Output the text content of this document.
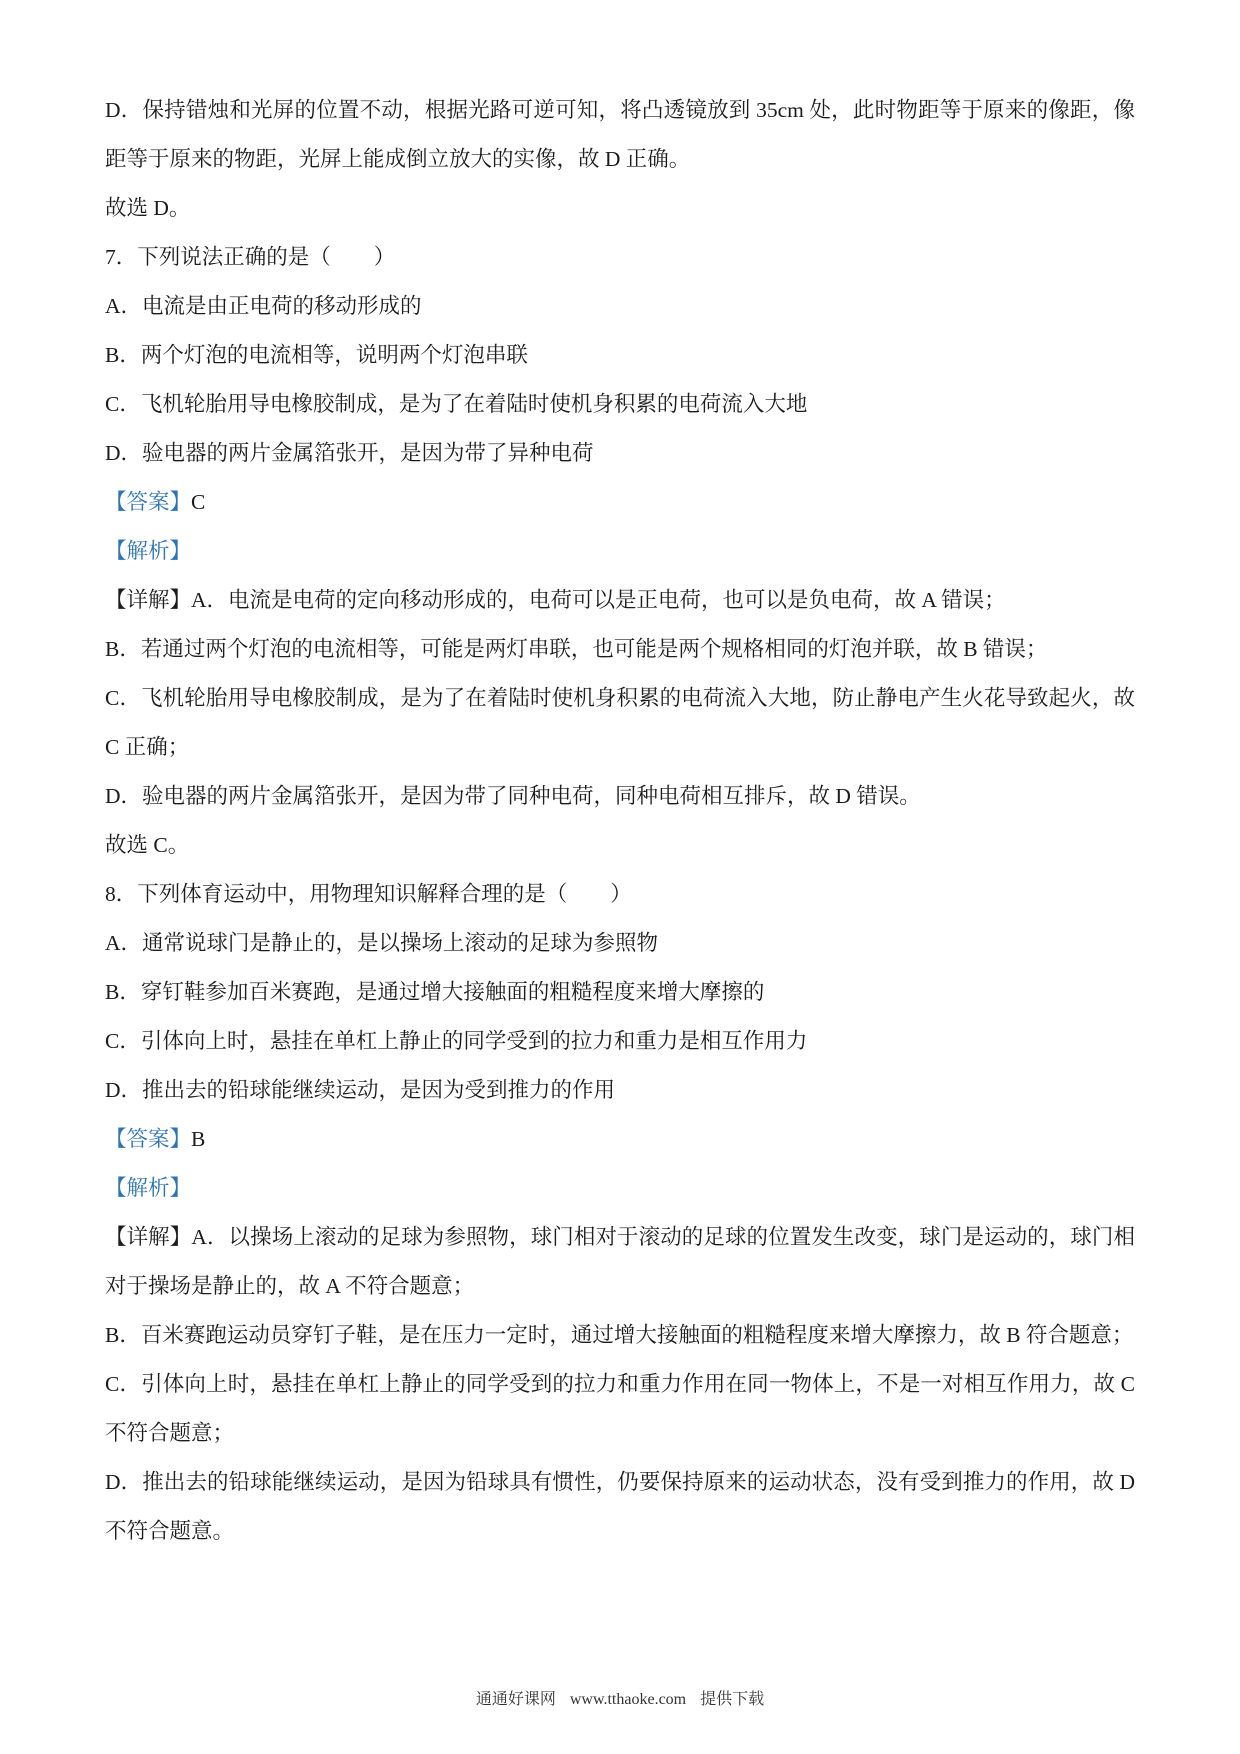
D．保持错烛和光屏的位置不动，根据光路可逆可知，将凸透镜放到 35cm 处，此时物距等于原来的像距，像距等于原来的物距，光屏上能成倒立放大的实像，故 D 正确。

故选 D。

7．下列说法正确的是（　　）

A．电流是由正电荷的移动形成的

B．两个灯泡的电流相等，说明两个灯泡串联

C．飞机轮胎用导电橡胶制成，是为了在着陆时使机身积累的电荷流入大地

D．验电器的两片金属箔张开，是因为带了异种电荷

【答案】C

【解析】

【详解】A．电流是电荷的定向移动形成的，电荷可以是正电荷，也可以是负电荷，故 A 错误；

B．若通过两个灯泡的电流相等，可能是两灯串联，也可能是两个规格相同的灯泡并联，故 B 错误；

C．飞机轮胎用导电橡胶制成，是为了在着陆时使机身积累的电荷流入大地，防止静电产生火花导致起火，故 C 正确；

D．验电器的两片金属箔张开，是因为带了同种电荷，同种电荷相互排斥，故 D 错误。

故选 C。

8．下列体育运动中，用物理知识解释合理的是（　　）

A．通常说球门是静止的，是以操场上滚动的足球为参照物

B．穿钉鞋参加百米赛跑，是通过增大接触面的粗糙程度来增大摩擦的

C．引体向上时，悬挂在单杠上静止的同学受到的拉力和重力是相互作用力

D．推出去的铅球能继续运动，是因为受到推力的作用

【答案】B

【解析】

【详解】A．以操场上滚动的足球为参照物，球门相对于滚动的足球的位置发生改变，球门是运动的，球门相对于操场是静止的，故 A 不符合题意；

B．百米赛跑运动员穿钉子鞋，是在压力一定时，通过增大接触面的粗糙程度来增大摩擦力，故 B 符合题意；

C．引体向上时，悬挂在单杠上静止的同学受到的拉力和重力作用在同一物体上，不是一对相互作用力，故 C 不符合题意；

D．推出去的铅球能继续运动，是因为铅球具有惯性，仍要保持原来的运动状态，没有受到推力的作用，故 D 不符合题意。

通通好课网 www.tthaoke.com 提供下载
